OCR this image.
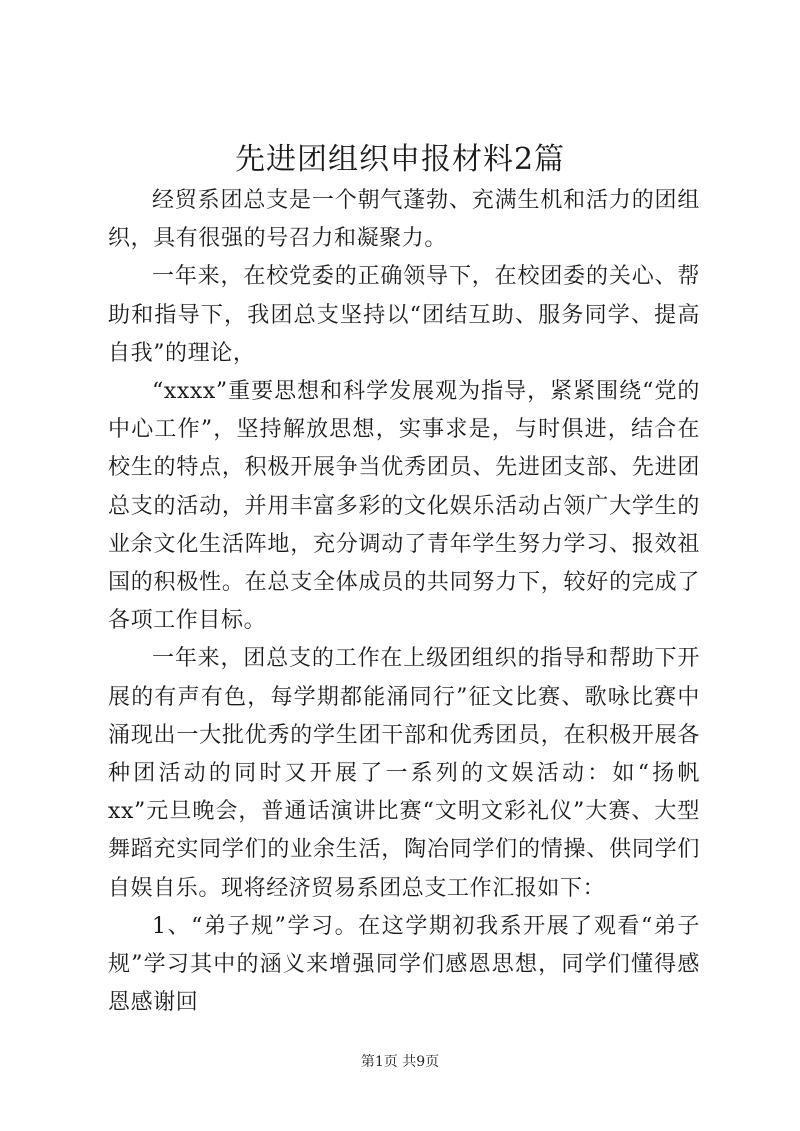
先进团组织申报材料2篇

经贸系团总支是一个朝气蓬勃、充满生机和活力的团组织，具有很强的号召力和凝聚力。

一年来，在校党委的正确领导下，在校团委的关心、帮助和指导下，我团总支坚持以“团结互助、服务同学、提高自我”的理论，

“xxxx”重要思想和科学发展观为指导，紧紧围绕“党的中心工作”，坚持解放思想，实事求是，与时俱进，结合在校生的特点，积极开展争当优秀团员、先进团支部、先进团总支的活动，并用丰富多彩的文化娱乐活动占领广大学生的业余文化生活阵地，充分调动了青年学生努力学习、报效祖国的积极性。在总支全体成员的共同努力下，较好的完成了各项工作目标。

一年来，团总支的工作在上级团组织的指导和帮助下开展的有声有色，每学期都能涌同行”征文比赛、歌咏比赛中涌现出一大批优秀的学生团干部和优秀团员，在积极开展各种团活动的同时又开展了一系列的文娱活动：如“扬帆xx”元旦晚会，普通话演讲比赛“文明文彩礼仪”大赛、大型舞蹈充实同学们的业余生活，陶冶同学们的情操、供同学们自娱自乐。现将经济贸易系团总支工作汇报如下：

1、“弟子规”学习。在这学期初我系开展了观看“弟子规”学习其中的涵义来增强同学们感恩思想，同学们懂得感恩感谢回

第1页 共9页
